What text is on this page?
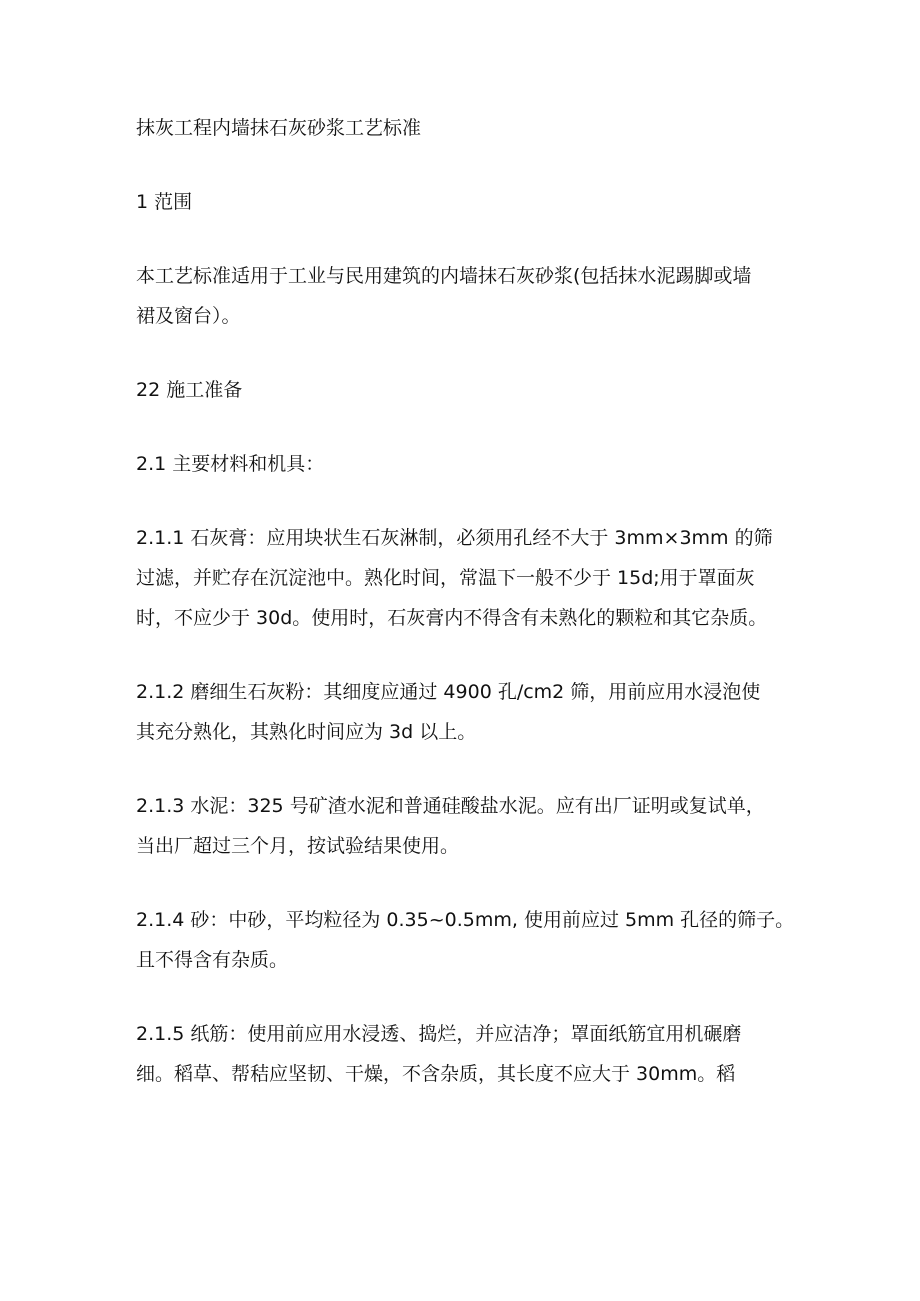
抹灰工程内墙抹石灰砂浆工艺标准
1 范围
本工艺标准适用于工业与民用建筑的内墙抹石灰砂浆(包括抹水泥踢脚或墙
裙及窗台）。
22 施工准备
2.1 主要材料和机具：
2.1.1 石灰膏：应用块状生石灰淋制，必须用孔经不大于 3mm×3mm 的筛
过滤，并贮存在沉淀池中。熟化时间，常温下一般不少于 15d;用于罩面灰
时，不应少于 30d。使用时，石灰膏内不得含有未熟化的颗粒和其它杂质。
2.1.2 磨细生石灰粉：其细度应通过 4900 孔/cm2 筛，用前应用水浸泡使
其充分熟化，其熟化时间应为 3d 以上。
2.1.3 水泥：325 号矿渣水泥和普通硅酸盐水泥。应有出厂证明或复试单，
当出厂超过三个月，按试验结果使用。
2.1.4 砂：中砂，平均粒径为 0.35~0.5mm, 使用前应过 5mm 孔径的筛子。
且不得含有杂质。
2.1.5 纸筋：使用前应用水浸透、捣烂，并应洁净；罩面纸筋宜用机碾磨
细。稻草、帮秸应坚韧、干燥，不含杂质，其长度不应大于 30mm。稻
